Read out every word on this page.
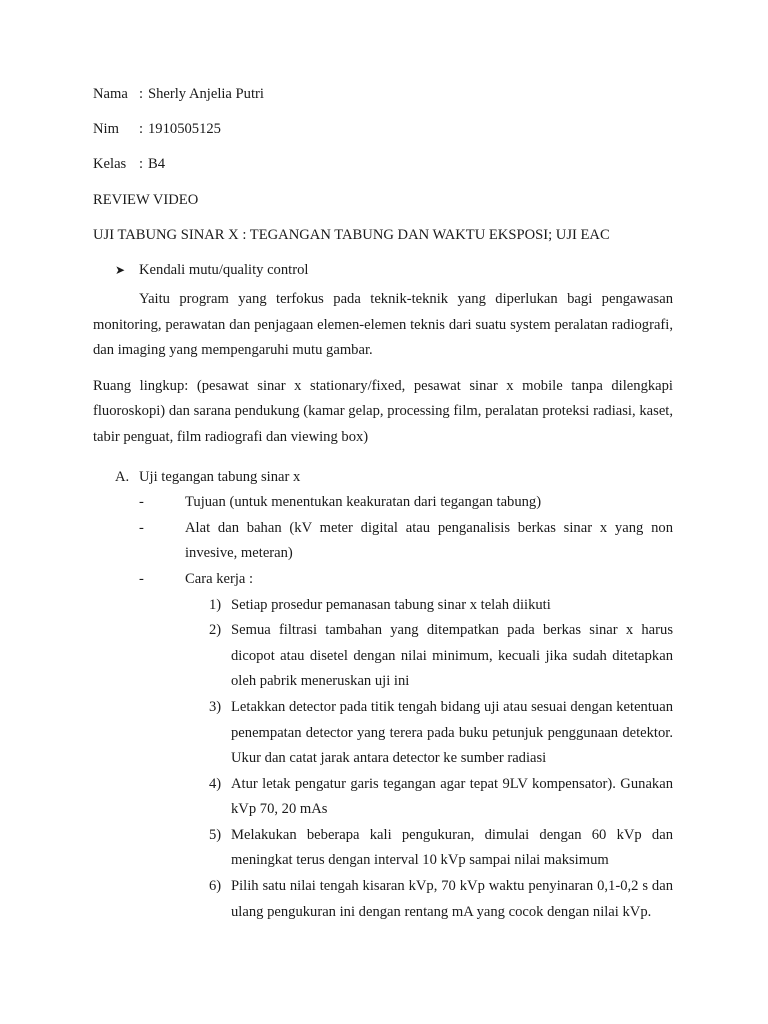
Nama : Sherly Anjelia Putri
Nim : 1910505125
Kelas : B4
REVIEW VIDEO
UJI TABUNG SINAR X : TEGANGAN TABUNG DAN WAKTU EKSPOSI; UJI EAC
➤ Kendali mutu/quality control

Yaitu program yang terfokus pada teknik-teknik yang diperlukan bagi pengawasan monitoring, perawatan dan penjagaan elemen-elemen teknis dari suatu system peralatan radiografi, dan imaging yang mempengaruhi mutu gambar.

Ruang lingkup: (pesawat sinar x stationary/fixed, pesawat sinar x mobile tanpa dilengkapi fluoroskopi) dan sarana pendukung (kamar gelap, processing film, peralatan proteksi radiasi, kaset, tabir penguat, film radiografi dan viewing box)

A. Uji tegangan tabung sinar x
-	Tujuan (untuk menentukan keakuratan dari tegangan tabung)
-	Alat dan bahan (kV meter digital atau penganalisis berkas sinar x yang non invesive, meteran)
-	Cara kerja :
1) Setiap prosedur pemanasan tabung sinar x telah diikuti
2) Semua filtrasi tambahan yang ditempatkan pada berkas sinar x harus dicopot atau disetel dengan nilai minimum, kecuali jika sudah ditetapkan oleh pabrik meneruskan uji ini
3) Letakkan detector pada titik tengah bidang uji atau sesuai dengan ketentuan penempatan detector yang terera pada buku petunjuk penggunaan detektor. Ukur dan catat jarak antara detector ke sumber radiasi
4) Atur letak pengatur garis tegangan agar tepat 9LV kompensator). Gunakan kVp 70, 20 mAs
5) Melakukan beberapa kali pengukuran, dimulai dengan 60 kVp dan meningkat terus dengan interval 10 kVp sampai nilai maksimum
6) Pilih satu nilai tengah kisaran kVp, 70 kVp waktu penyinaran 0,1-0,2 s dan ulang pengukuran ini dengan rentang mA yang cocok dengan nilai kVp.
